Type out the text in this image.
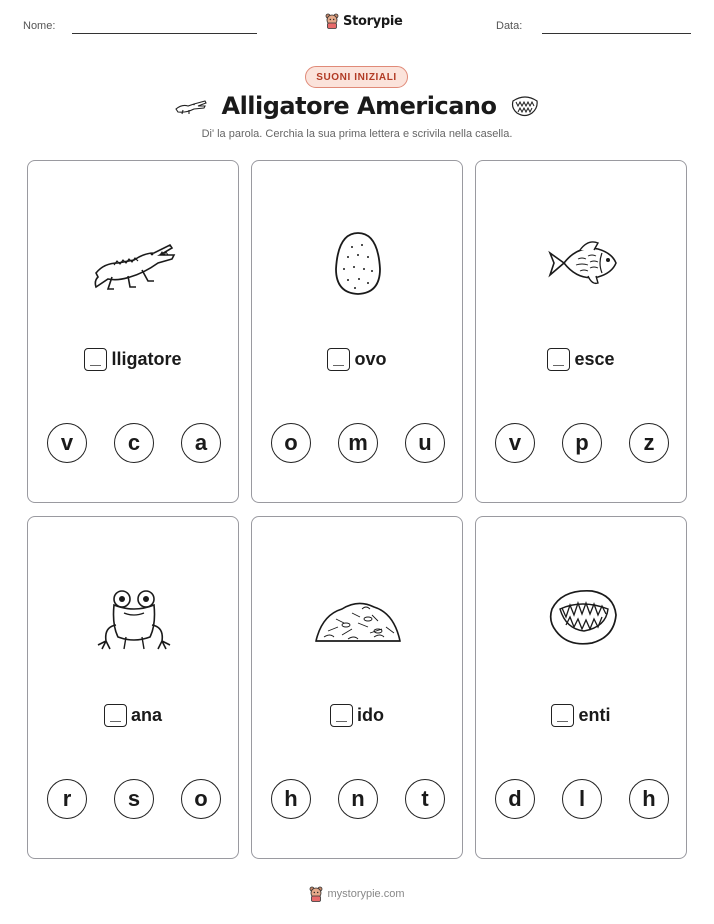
Nome:	Storypie	Data:
SUONI INIZIALI
Alligatore Americano
Di' la parola. Cerchia la sua prima lettera e scrivila nella casella.
lligatore
v	c	a
ovo
o	m	u
esce
v	p	z
ana
r	s	o
ido
h	n	t
enti
d	l	h
mystorypie.com
